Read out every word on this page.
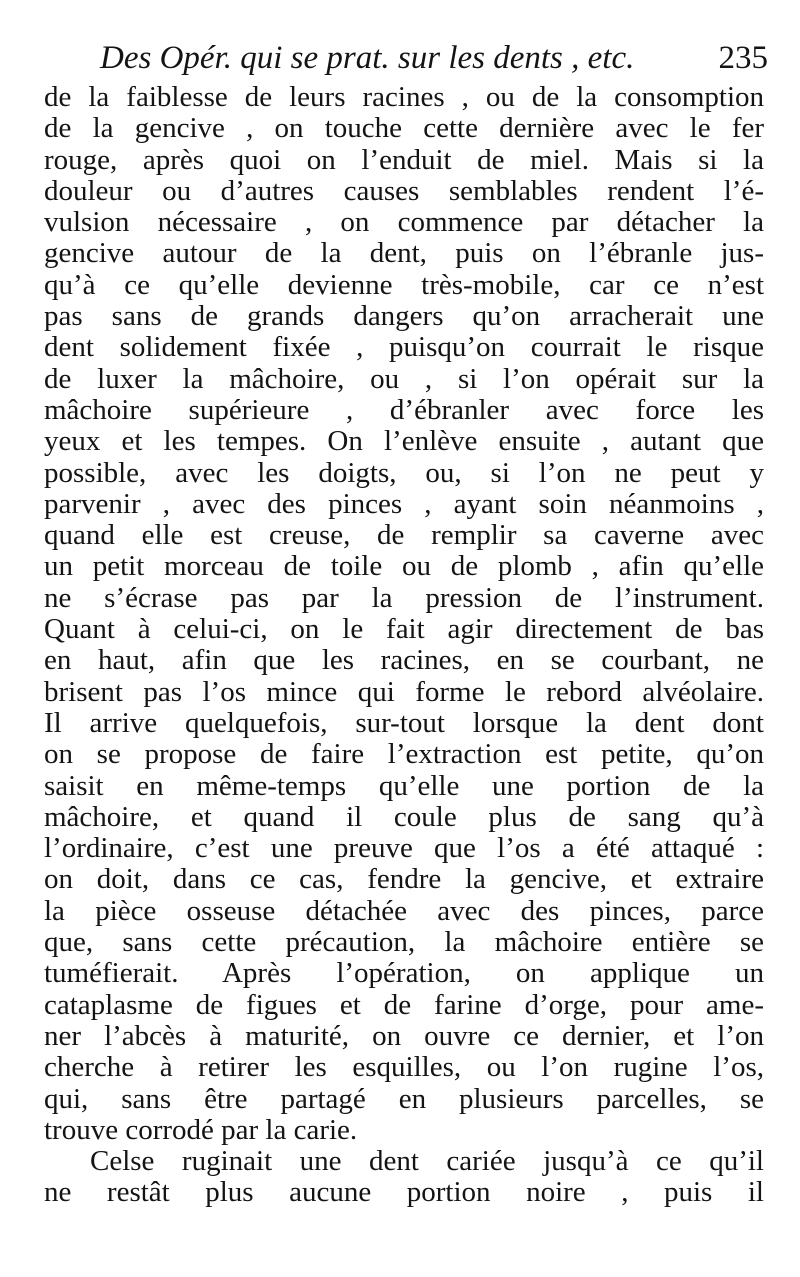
Des Opér. qui se prat. sur les dents , etc.	235
de la faiblesse de leurs racines , ou de la consomption
de la gencive , on touche cette dernière avec le fer
rouge, après quoi on l’enduit de miel. Mais si la
douleur ou d’autres causes semblables rendent l’é-
vulsion nécessaire , on commence par détacher la
gencive autour de la dent, puis on l’ébranle jus-
qu’à ce qu’elle devienne très-mobile, car ce n’est
pas sans de grands dangers qu’on arracherait une
dent solidement fixée , puisqu’on courrait le risque
de luxer la mâchoire, ou , si l’on opérait sur la
mâchoire supérieure , d’ébranler avec force les
yeux et les tempes. On l’enlève ensuite , autant que
possible, avec les doigts, ou, si l’on ne peut y
parvenir , avec des pinces , ayant soin néanmoins ,
quand elle est creuse, de remplir sa caverne avec
un petit morceau de toile ou de plomb , afin qu’elle
ne s’écrase pas par la pression de l’instrument.
Quant à celui-ci, on le fait agir directement de bas
en haut, afin que les racines, en se courbant, ne
brisent pas l’os mince qui forme le rebord alvéolaire.
Il arrive quelquefois, sur-tout lorsque la dent dont
on se propose de faire l’extraction est petite, qu’on
saisit en même-temps qu’elle une portion de la
mâchoire, et quand il coule plus de sang qu’à
l’ordinaire, c’est une preuve que l’os a été attaqué :
on doit, dans ce cas, fendre la gencive, et extraire
la pièce osseuse détachée avec des pinces, parce
que, sans cette précaution, la mâchoire entière se
tuméfierait. Après l’opération, on applique un
cataplasme de figues et de farine d’orge, pour ame-
ner l’abcès à maturité, on ouvre ce dernier, et l’on
cherche à retirer les esquilles, ou l’on rugine l’os,
qui, sans être partagé en plusieurs parcelles, se
trouve corrodé par la carie.
Celse ruginait une dent cariée jusqu’à ce qu’il
ne restât plus aucune portion noire , puis il
